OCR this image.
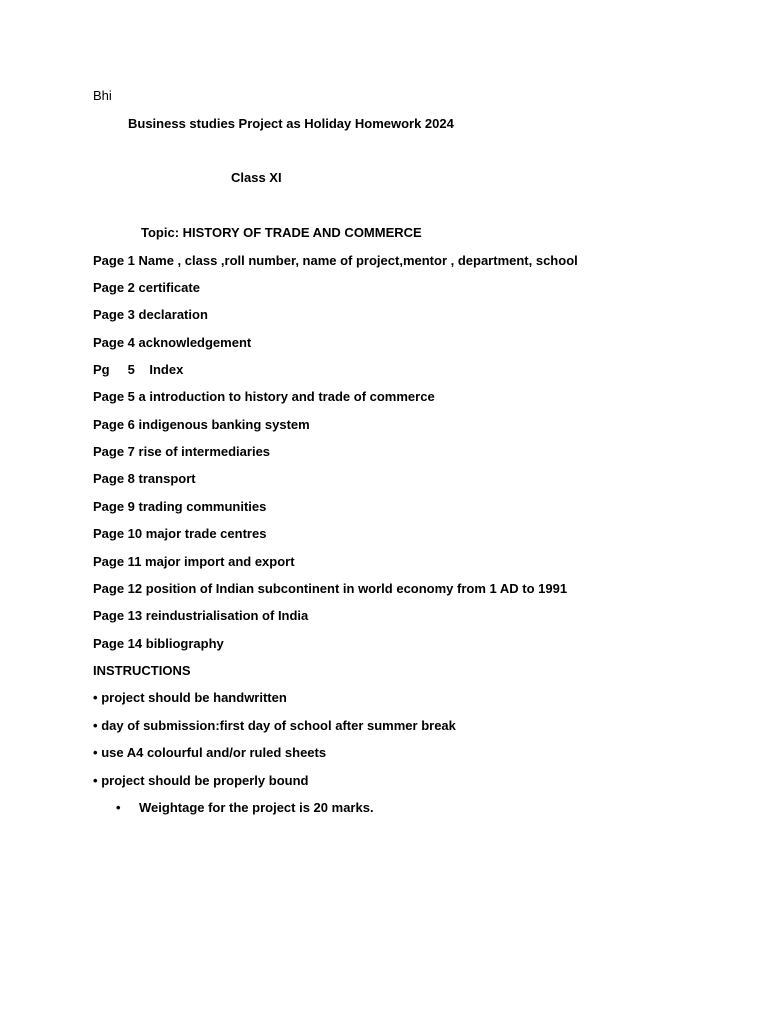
Bhi
Business studies Project as Holiday Homework 2024
Class XI
Topic: HISTORY OF TRADE AND COMMERCE
Page 1 Name , class ,roll number, name of project,mentor , department, school
Page 2 certificate
Page 3 declaration
Page 4 acknowledgement
Pg     5    Index
Page 5 a introduction to history and trade of commerce
Page 6 indigenous banking system
Page 7 rise of intermediaries
Page 8 transport
Page 9 trading communities
Page 10 major trade centres
Page 11 major import and export
Page 12 position of Indian subcontinent in world economy from 1 AD to 1991
Page 13 reindustrialisation of India
Page 14 bibliography
INSTRUCTIONS
• project should be handwritten
• day of submission:first day of school after summer break
• use A4 colourful and/or ruled sheets
• project should be properly bound
• Weightage for the project is 20 marks.
